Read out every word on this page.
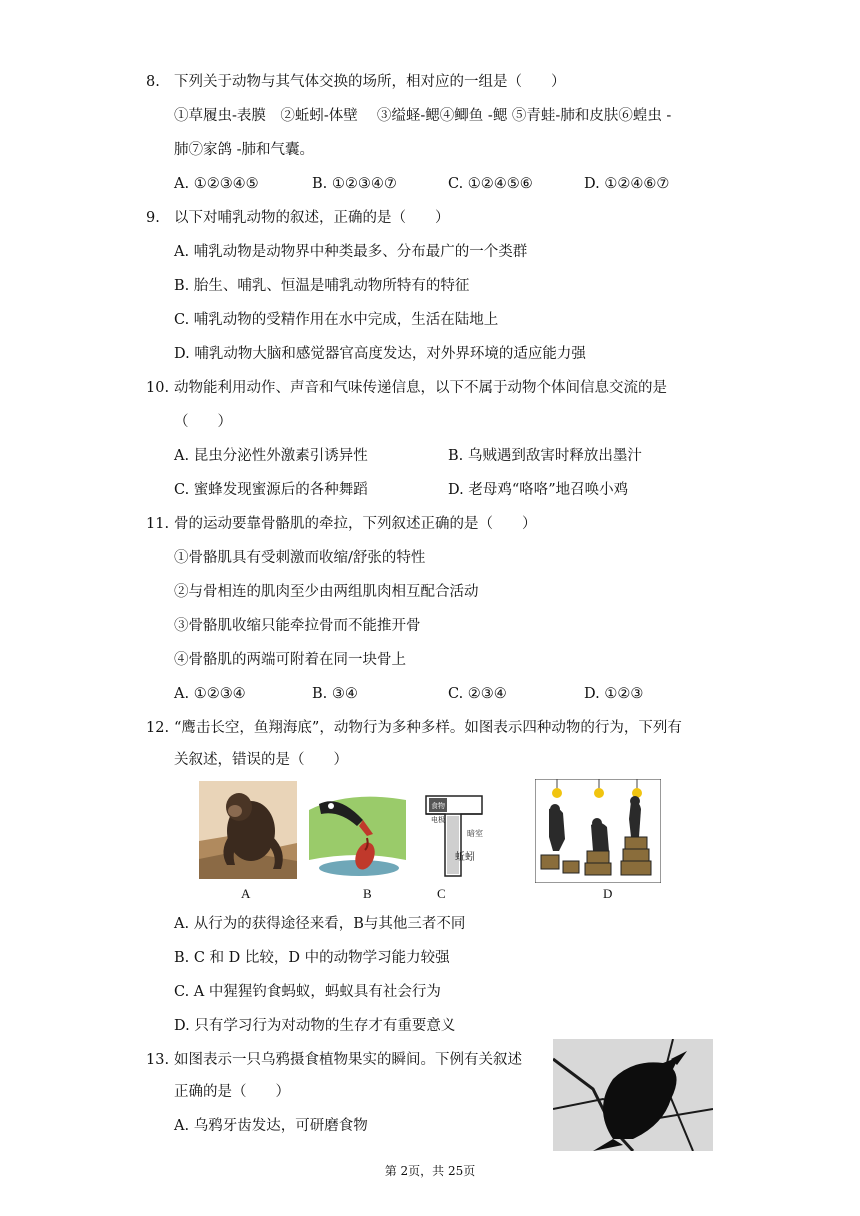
8. 下列关于动物与其气体交换的场所，相对应的一组是（　　）
①草履虫-表膜　②蚯蚓-体壁　 ③缢蛏-鳃④鲫鱼 -鳃 ⑤青蛙-肺和皮肤⑥蝗虫 -
肺⑦家鸽 -肺和气囊。
A. ①②③④⑤	B. ①②③④⑦	C. ①②④⑤⑥	D. ①②④⑥⑦
9. 以下对哺乳动物的叙述，正确的是（　　）
A. 哺乳动物是动物界中种类最多、分布最广的一个类群
B. 胎生、哺乳、恒温是哺乳动物所特有的特征
C. 哺乳动物的受精作用在水中完成，生活在陆地上
D. 哺乳动物大脑和感觉器官高度发达，对外界环境的适应能力强
10. 动物能利用动作、声音和气味传递信息，以下不属于动物个体间信息交流的是
（　　）
A. 昆虫分泌性外激素引诱异性	B. 乌贼遇到敌害时释放出墨汁
C. 蜜蜂发现蜜源后的各种舞蹈	D. 老母鸡“咯咯”地召唤小鸡
11. 骨的运动要靠骨骼肌的牵拉，下列叙述正确的是（　　）
①骨骼肌具有受刺激而收缩/舒张的特性
②与骨相连的肌肉至少由两组肌肉相互配合活动
③骨骼肌收缩只能牵拉骨而不能推开骨
④骨骼肌的两端可附着在同一块骨上
A. ①②③④	B. ③④	C. ②③④	D. ①②③
12. “鹰击长空，鱼翔海底”，动物行为多种多样。如图表示四种动物的行为，下列有
关叙述，错误的是（　　）
A	B
食物
电极
暗室
蚯蚓
C	D
A. 从行为的获得途径来看，B与其他三者不同
B. C 和 D 比较，D 中的动物学习能力较强
C. A 中猩猩钓食蚂蚁，蚂蚁具有社会行为
D. 只有学习行为对动物的生存才有重要意义
13. 如图表示一只乌鸦摄食植物果实的瞬间。下例有关叙述
正确的是（　　）
A. 乌鸦牙齿发达，可研磨食物
第 2页，共 25页
